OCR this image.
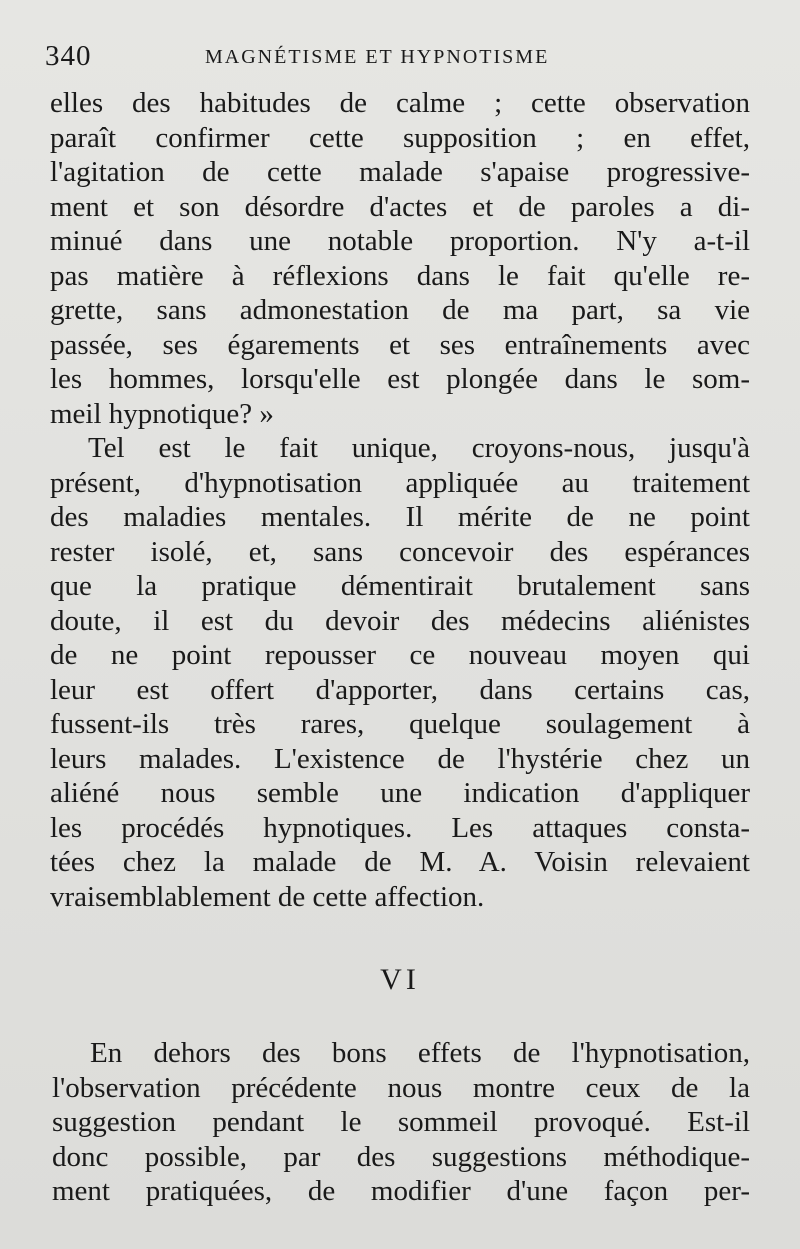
340	MAGNÉTISME ET HYPNOTISME
elles des habitudes de calme ; cette observation
paraît confirmer cette supposition ; en effet,
l'agitation de cette malade s'apaise progressive-
ment et son désordre d'actes et de paroles a di-
minué dans une notable proportion. N'y a-t-il
pas matière à réflexions dans le fait qu'elle re-
grette, sans admonestation de ma part, sa vie
passée, ses égarements et ses entraînements avec
les hommes, lorsqu'elle est plongée dans le som-
meil hypnotique? »
Tel est le fait unique, croyons-nous, jusqu'à
présent, d'hypnotisation appliquée au traitement
des maladies mentales. Il mérite de ne point
rester isolé, et, sans concevoir des espérances
que la pratique démentirait brutalement sans
doute, il est du devoir des médecins aliénistes
de ne point repousser ce nouveau moyen qui
leur est offert d'apporter, dans certains cas,
fussent-ils très rares, quelque soulagement à
leurs malades. L'existence de l'hystérie chez un
aliéné nous semble une indication d'appliquer
les procédés hypnotiques. Les attaques consta-
tées chez la malade de M. A. Voisin relevaient
vraisemblablement de cette affection.
VI
En dehors des bons effets de l'hypnotisation,
l'observation précédente nous montre ceux de la
suggestion pendant le sommeil provoqué. Est-il
donc possible, par des suggestions méthodique-
ment pratiquées, de modifier d'une façon per-
